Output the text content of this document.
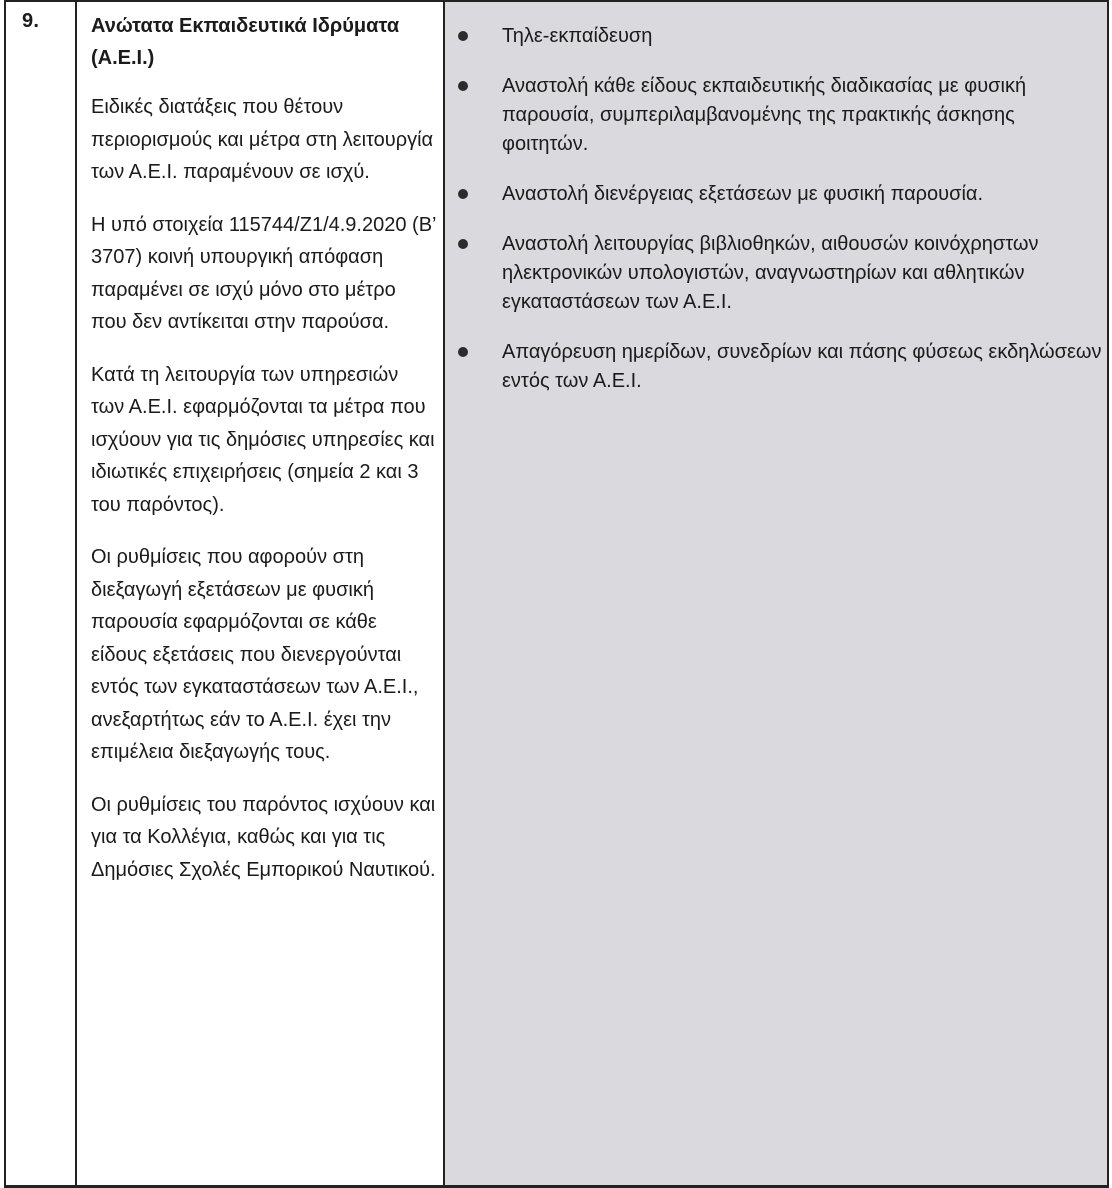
9.	Ανώτατα Εκπαιδευτικά Ιδρύματα (Α.Ε.Ι.)

Ειδικές διατάξεις που θέτουν περιορισμούς και μέτρα στη λειτουργία των Α.Ε.Ι. παραμένουν σε ισχύ.

Η υπό στοιχεία 115744/Ζ1/4.9.2020 (Β’ 3707) κοινή υπουργική απόφαση παραμένει σε ισχύ μόνο στο μέτρο που δεν αντίκειται στην παρούσα.

Κατά τη λειτουργία των υπηρεσιών των Α.Ε.Ι. εφαρμόζονται τα μέτρα που ισχύουν για τις δημόσιες υπηρεσίες και ιδιωτικές επιχειρήσεις (σημεία 2 και 3 του παρόντος).

Οι ρυθμίσεις που αφορούν στη διεξαγωγή εξετάσεων με φυσική παρουσία εφαρμόζονται σε κάθε είδους εξετάσεις που διενεργούνται εντός των εγκαταστάσεων των Α.Ε.Ι., ανεξαρτήτως εάν το Α.Ε.Ι. έχει την επιμέλεια διεξαγωγής τους.

Οι ρυθμίσεις του παρόντος ισχύουν και για τα Κολλέγια, καθώς και για τις Δημόσιες Σχολές Εμπορικού Ναυτικού.

Τηλε-εκπαίδευση
Αναστολή κάθε είδους εκπαιδευτικής διαδικασίας με φυσική παρουσία, συμπεριλαμβανομένης της πρακτικής άσκησης φοιτητών.
Αναστολή διενέργειας εξετάσεων με φυσική παρουσία.
Αναστολή λειτουργίας βιβλιοθηκών, αιθουσών κοινόχρηστων ηλεκτρονικών υπολογιστών, αναγνωστηρίων και αθλητικών εγκαταστάσεων των Α.Ε.Ι.
Απαγόρευση ημερίδων, συνεδρίων και πάσης φύσεως εκδηλώσεων εντός των Α.Ε.Ι.
